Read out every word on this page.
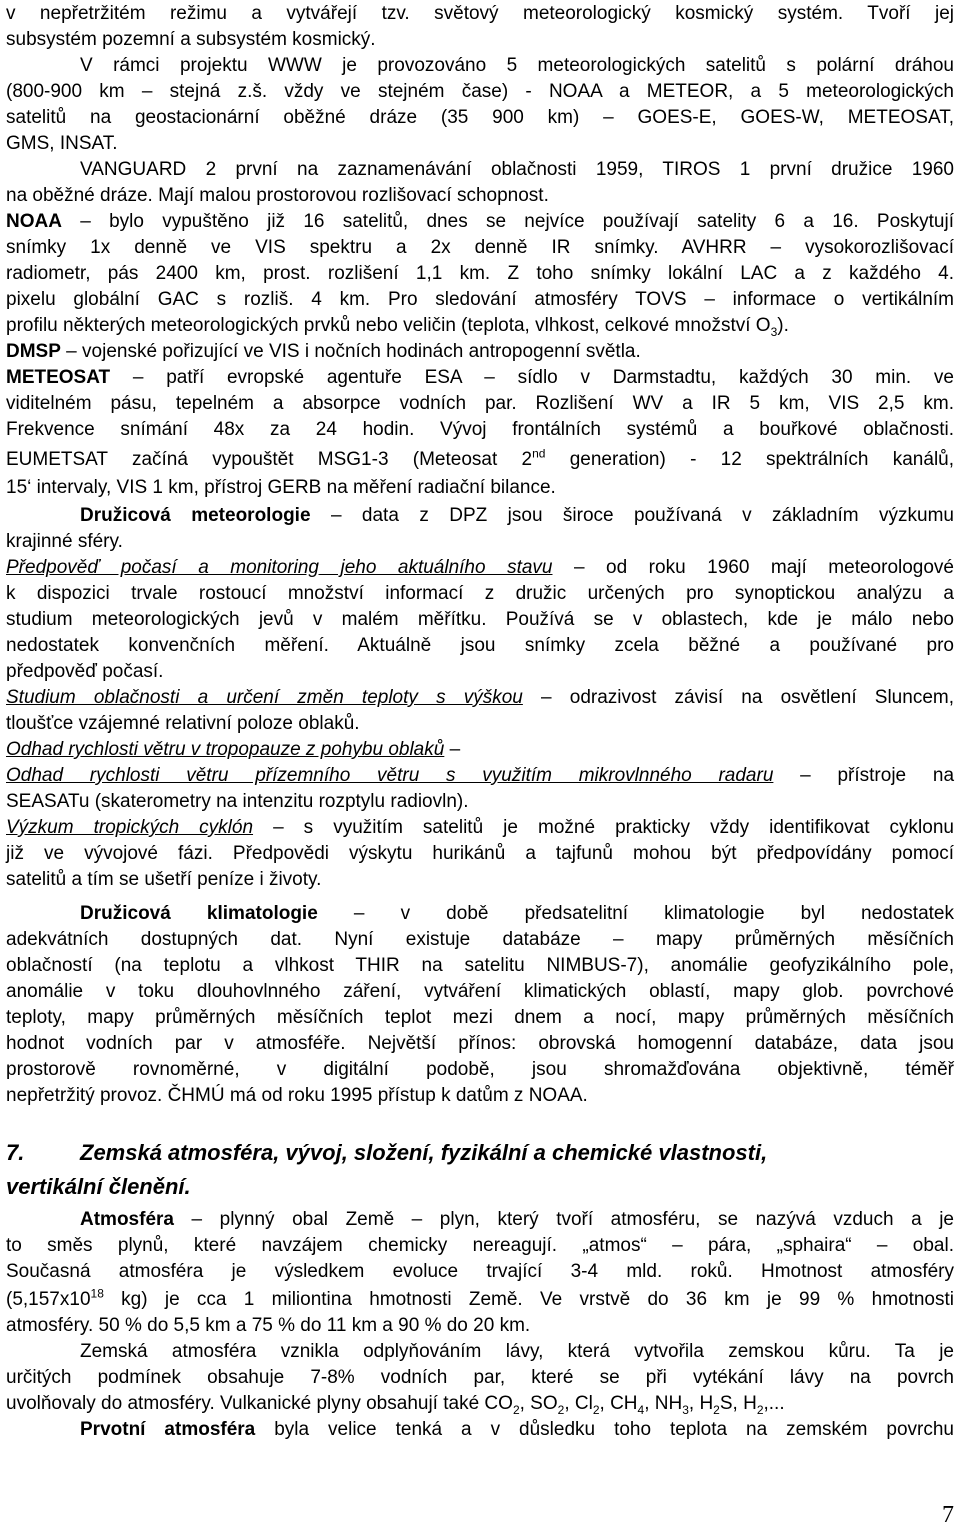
v nepřetržitém režimu a vytvářejí tzv. světový meteorologický kosmický systém. Tvoří jej
subsystém pozemní a subsystém kosmický.
V rámci projektu WWW je provozováno 5 meteorologických satelitů s polární dráhou
(800-900 km – stejná z.š. vždy ve stejném čase) - NOAA a METEOR, a 5 meteorologických
satelitů na geostacionární oběžné dráze (35 900 km) – GOES-E, GOES-W, METEOSAT,
GMS, INSAT.
VANGUARD 2 první na zaznamenávání oblačnosti 1959, TIROS 1 první družice 1960
na oběžné dráze. Mají malou prostorovou rozlišovací schopnost.
NOAA – bylo vypuštěno již 16 satelitů, dnes se nejvíce používají satelity 6 a 16. Poskytují
snímky 1x denně ve VIS spektru a 2x denně IR snímky. AVHRR – vysokorozlišovací
radiometr, pás 2400 km, prost. rozlišení 1,1 km. Z toho snímky lokální LAC a z každého 4.
pixelu globální GAC s rozliš. 4 km. Pro sledování atmosféry TOVS – informace o vertikálním
profilu některých meteorologických prvků nebo veličin (teplota, vlhkost, celkové množství $O_3$).
DMSP – vojenské pořizující ve VIS i nočních hodinách antropogenní světla.
METEOSAT – patří evropské agentuře ESA – sídlo v Darmstadtu, každých 30 min. ve
viditelném pásu, tepelném a absorpce vodních par. Rozlišení WV a IR 5 km, VIS 2,5 km.
Frekvence snímání 48x za 24 hodin. Vývoj frontálních systémů a bouřkové oblačnosti.
EUMETSAT začíná vypouštět MSG1-3 (Meteosat 2nd generation) - 12 spektrálních kanálů,
15‘ intervaly, VIS 1 km, přístroj GERB na měření radiační bilance.
Družicová meteorologie – data z DPZ jsou široce používaná v základním výzkumu
krajinné sféry.
Předpověď počasí a monitoring jeho aktuálního stavu – od roku 1960 mají meteorologové
k dispozici trvale rostoucí množství informací z družic určených pro synoptickou analýzu a
studium meteorologických jevů v malém měřítku. Používá se v oblastech, kde je málo nebo
nedostatek konvenčních měření. Aktuálně jsou snímky zcela běžné a používané pro
předpověď počasí.
Studium oblačnosti a určení změn teploty s výškou – odrazivost závisí na osvětlení Sluncem,
tloušťce vzájemné relativní poloze oblaků.
Odhad rychlosti větru v tropopauze z pohybu oblaků –
Odhad rychlosti větru přízemního větru s využitím mikrovlnného radaru – přístroje na
SEASATu (skaterometry na intenzitu rozptylu radiovln).
Výzkum tropických cyklón – s využitím satelitů je možné prakticky vždy identifikovat cyklonu
již ve vývojové fázi. Předpovědi výskytu hurikánů a tajfunů mohou být předpovídány pomocí
satelitů a tím se ušetří peníze i životy.
Družicová klimatologie – v době předsatelitní klimatologie byl nedostatek
adekvátních dostupných dat. Nyní existuje databáze – mapy průměrných měsíčních
oblačností (na teplotu a vlhkost THIR na satelitu NIMBUS-7), anomálie geofyzikálního pole,
anomálie v toku dlouhovlnného záření, vytváření klimatických oblastí, mapy glob. povrchové
teploty, mapy průměrných měsíčních teplot mezi dnem a nocí, mapy průměrných měsíčních
hodnot vodních par v atmosféře. Největší přínos: obrovská homogenní databáze, data jsou
prostorově rovnoměrné, v digitální podobě, jsou shromažďována objektivně, téměř
nepřetržitý provoz. ČHMÚ má od roku 1995 přístup k datům z NOAA.
7.	Zemská atmosféra, vývoj, složení, fyzikální a chemické vlastnosti,
vertikální členění.
Atmosféra – plynný obal Země – plyn, který tvoří atmosféru, se nazývá vzduch a je
to směs plynů, které navzájem chemicky nereagují. „atmos“ – pára, „sphaira“ – obal.
Současná atmosféra je výsledkem evoluce trvající 3-4 mld. roků. Hmotnost atmosféry
($5,157x10^{18}$ kg) je cca 1 miliontina hmotnosti Země. Ve vrstvě do 36 km je 99 % hmotnosti
atmosféry. 50 % do 5,5 km a 75 % do 11 km a 90 % do 20 km.
Zemská atmosféra vznikla odplyňováním lávy, která vytvořila zemskou kůru. Ta je
určitých podmínek obsahuje 7-8% vodních par, které se při vytékání lávy na povrch
uvolňovaly do atmosféry. Vulkanické plyny obsahují také $CO_2$, $SO_2$, $Cl_2$, $CH_4$, $NH_3$, $H_2S$, $H_2$,...
Prvotní atmosféra byla velice tenká a v důsledku toho teplota na zemském povrchu
7
